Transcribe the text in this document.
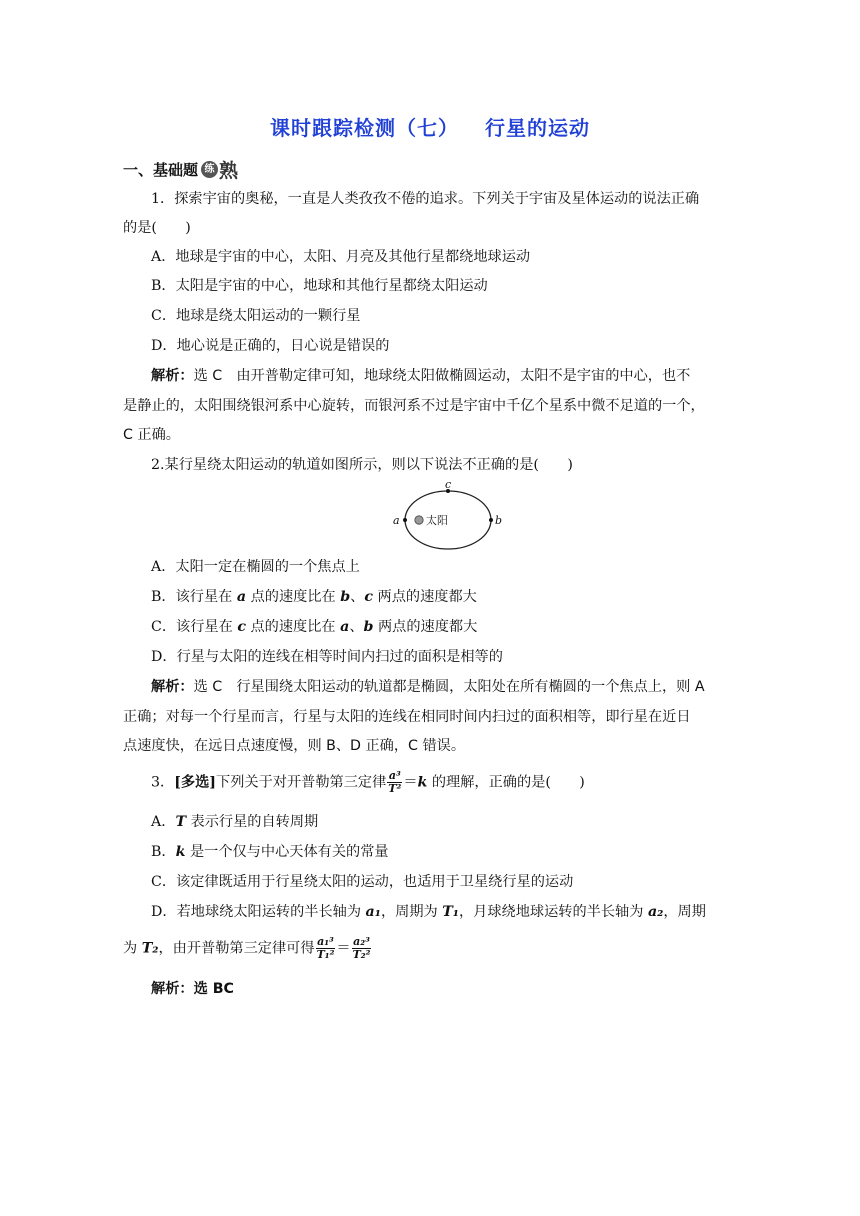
课时跟踪检测（七） 行星的运动
一、基础题 练 熟
1．探索宇宙的奥秘，一直是人类孜孜不倦的追求。下列关于宇宙及星体运动的说法正确
的是(　　)
A．地球是宇宙的中心，太阳、月亮及其他行星都绕地球运动
B．太阳是宇宙的中心，地球和其他行星都绕太阳运动
C．地球是绕太阳运动的一颗行星
D．地心说是正确的，日心说是错误的
解析：选 C　由开普勒定律可知，地球绕太阳做椭圆运动，太阳不是宇宙的中心，也不
是静止的，太阳围绕银河系中心旋转，而银河系不过是宇宙中千亿个星系中微不足道的一个，
C 正确。
2.某行星绕太阳运动的轨道如图所示，则以下说法不正确的是(　　)
太阳
a	b
c
A．太阳一定在椭圆的一个焦点上
B．该行星在 a 点的速度比在 b、c 两点的速度都大
C．该行星在 c 点的速度比在 a、b 两点的速度都大
D．行星与太阳的连线在相等时间内扫过的面积是相等的
解析：选 C　行星围绕太阳运动的轨道都是椭圆，太阳处在所有椭圆的一个焦点上，则 A
正确；对每一个行星而言，行星与太阳的连线在相同时间内扫过的面积相等，即行星在近日
点速度快，在远日点速度慢，则 B、D 正确，C 错误。
3．[多选]下列关于对开普勒第三定律 $\frac{\text{a³}}{\text{T²}} =k$ 的理解，正确的是(　　)
A．T 表示行星的自转周期
B．k 是一个仅与中心天体有关的常量
C．该定律既适用于行星绕太阳的运动，也适用于卫星绕行星的运动
D．若地球绕太阳运转的半长轴为 a₁，周期为 T₁，月球绕地球运转的半长轴为 a₂，周期
为 T₂，由开普勒第三定律可得 $\frac{\text{a₁³}}{\text{T₁²}} = \frac{\text{a₂³}}{\text{T₂²}}$
解析：选 BC
